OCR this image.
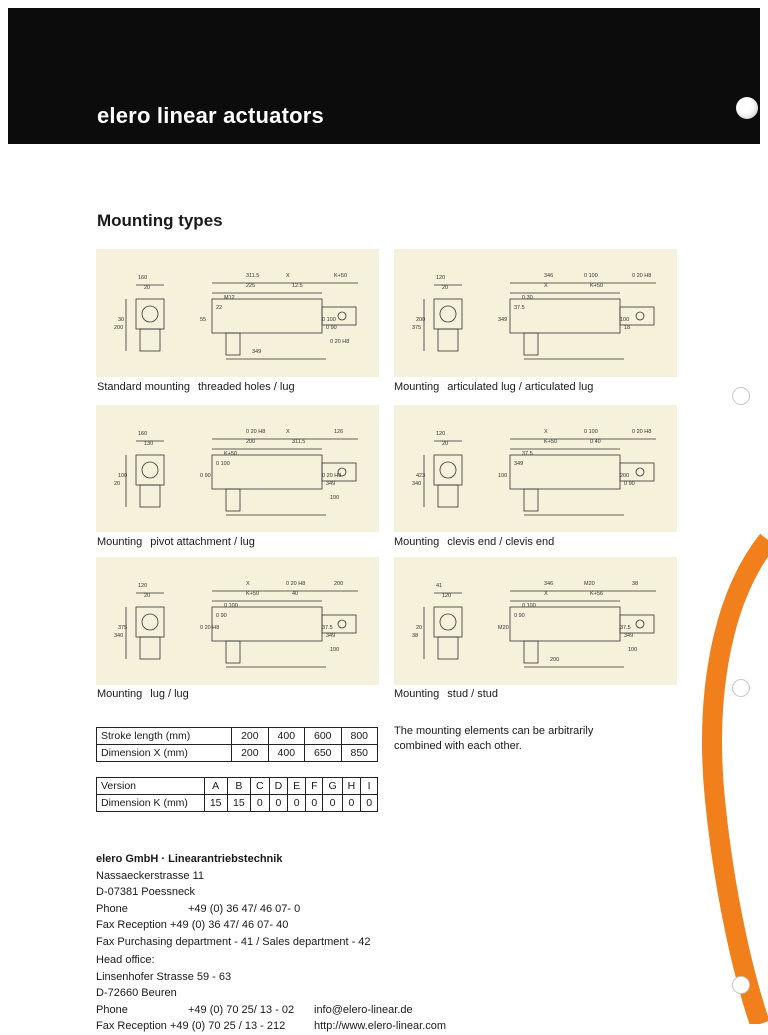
elero linear actuators
Mounting types
160
20
30
200
311.5
225	12.5
K+50
X
M12
22
55	0 100
0 90
0 20 H8
349
120
20
200
375
346
X	K+50
0 20 H8
0 100
0 30
37.5
349	100
18
160
130
100
20
0 20 H8
200	311.5
126
X
K+50
0 100
0 90	0 20 H8
349
100
120
20
423
340
X
K+50	0 40
0 20 H8
0 100
37.5
349
100	200
0 90
120
20
375
340
X
K+50	40
200
0 20 H8
0 100
0 90
0 20 H8	37.5
349
100
41
120
20
38
346
X	K+56
38
M20
0 100
0 90
M20	37.5
349
100
200
Standard mounting threaded holes / lug	Mounting articulated lug / articulated lug
Mounting pivot attachment / lug	Mounting clevis end / clevis end
Mounting lug / lug	Mounting stud / stud
Stroke length (mm)	200	400	600	800
Dimension X (mm)	200	400	650	850
The mounting elements can be arbitrarily combined with each other.
Version	A	B	C	D	E	F	G	H	I
Dimension K (mm)	15	15	0	0	0	0	0	0	0
elero GmbH · Linearantriebstechnik
Nassaeckerstrasse 11
D-07381 Poessneck
Phone	+49 (0) 36 47/ 46 07- 0
Fax Reception +49 (0) 36 47/ 46 07- 40
Fax Purchasing department - 41 / Sales department - 42
Head office:
Linsenhofer Strasse 59 - 63
D-72660 Beuren
Phone	+49 (0) 70 25/ 13 - 02 info@elero-linear.de
Fax Reception +49 (0) 70 25 / 13 - 212	http://www.elero-linear.com
